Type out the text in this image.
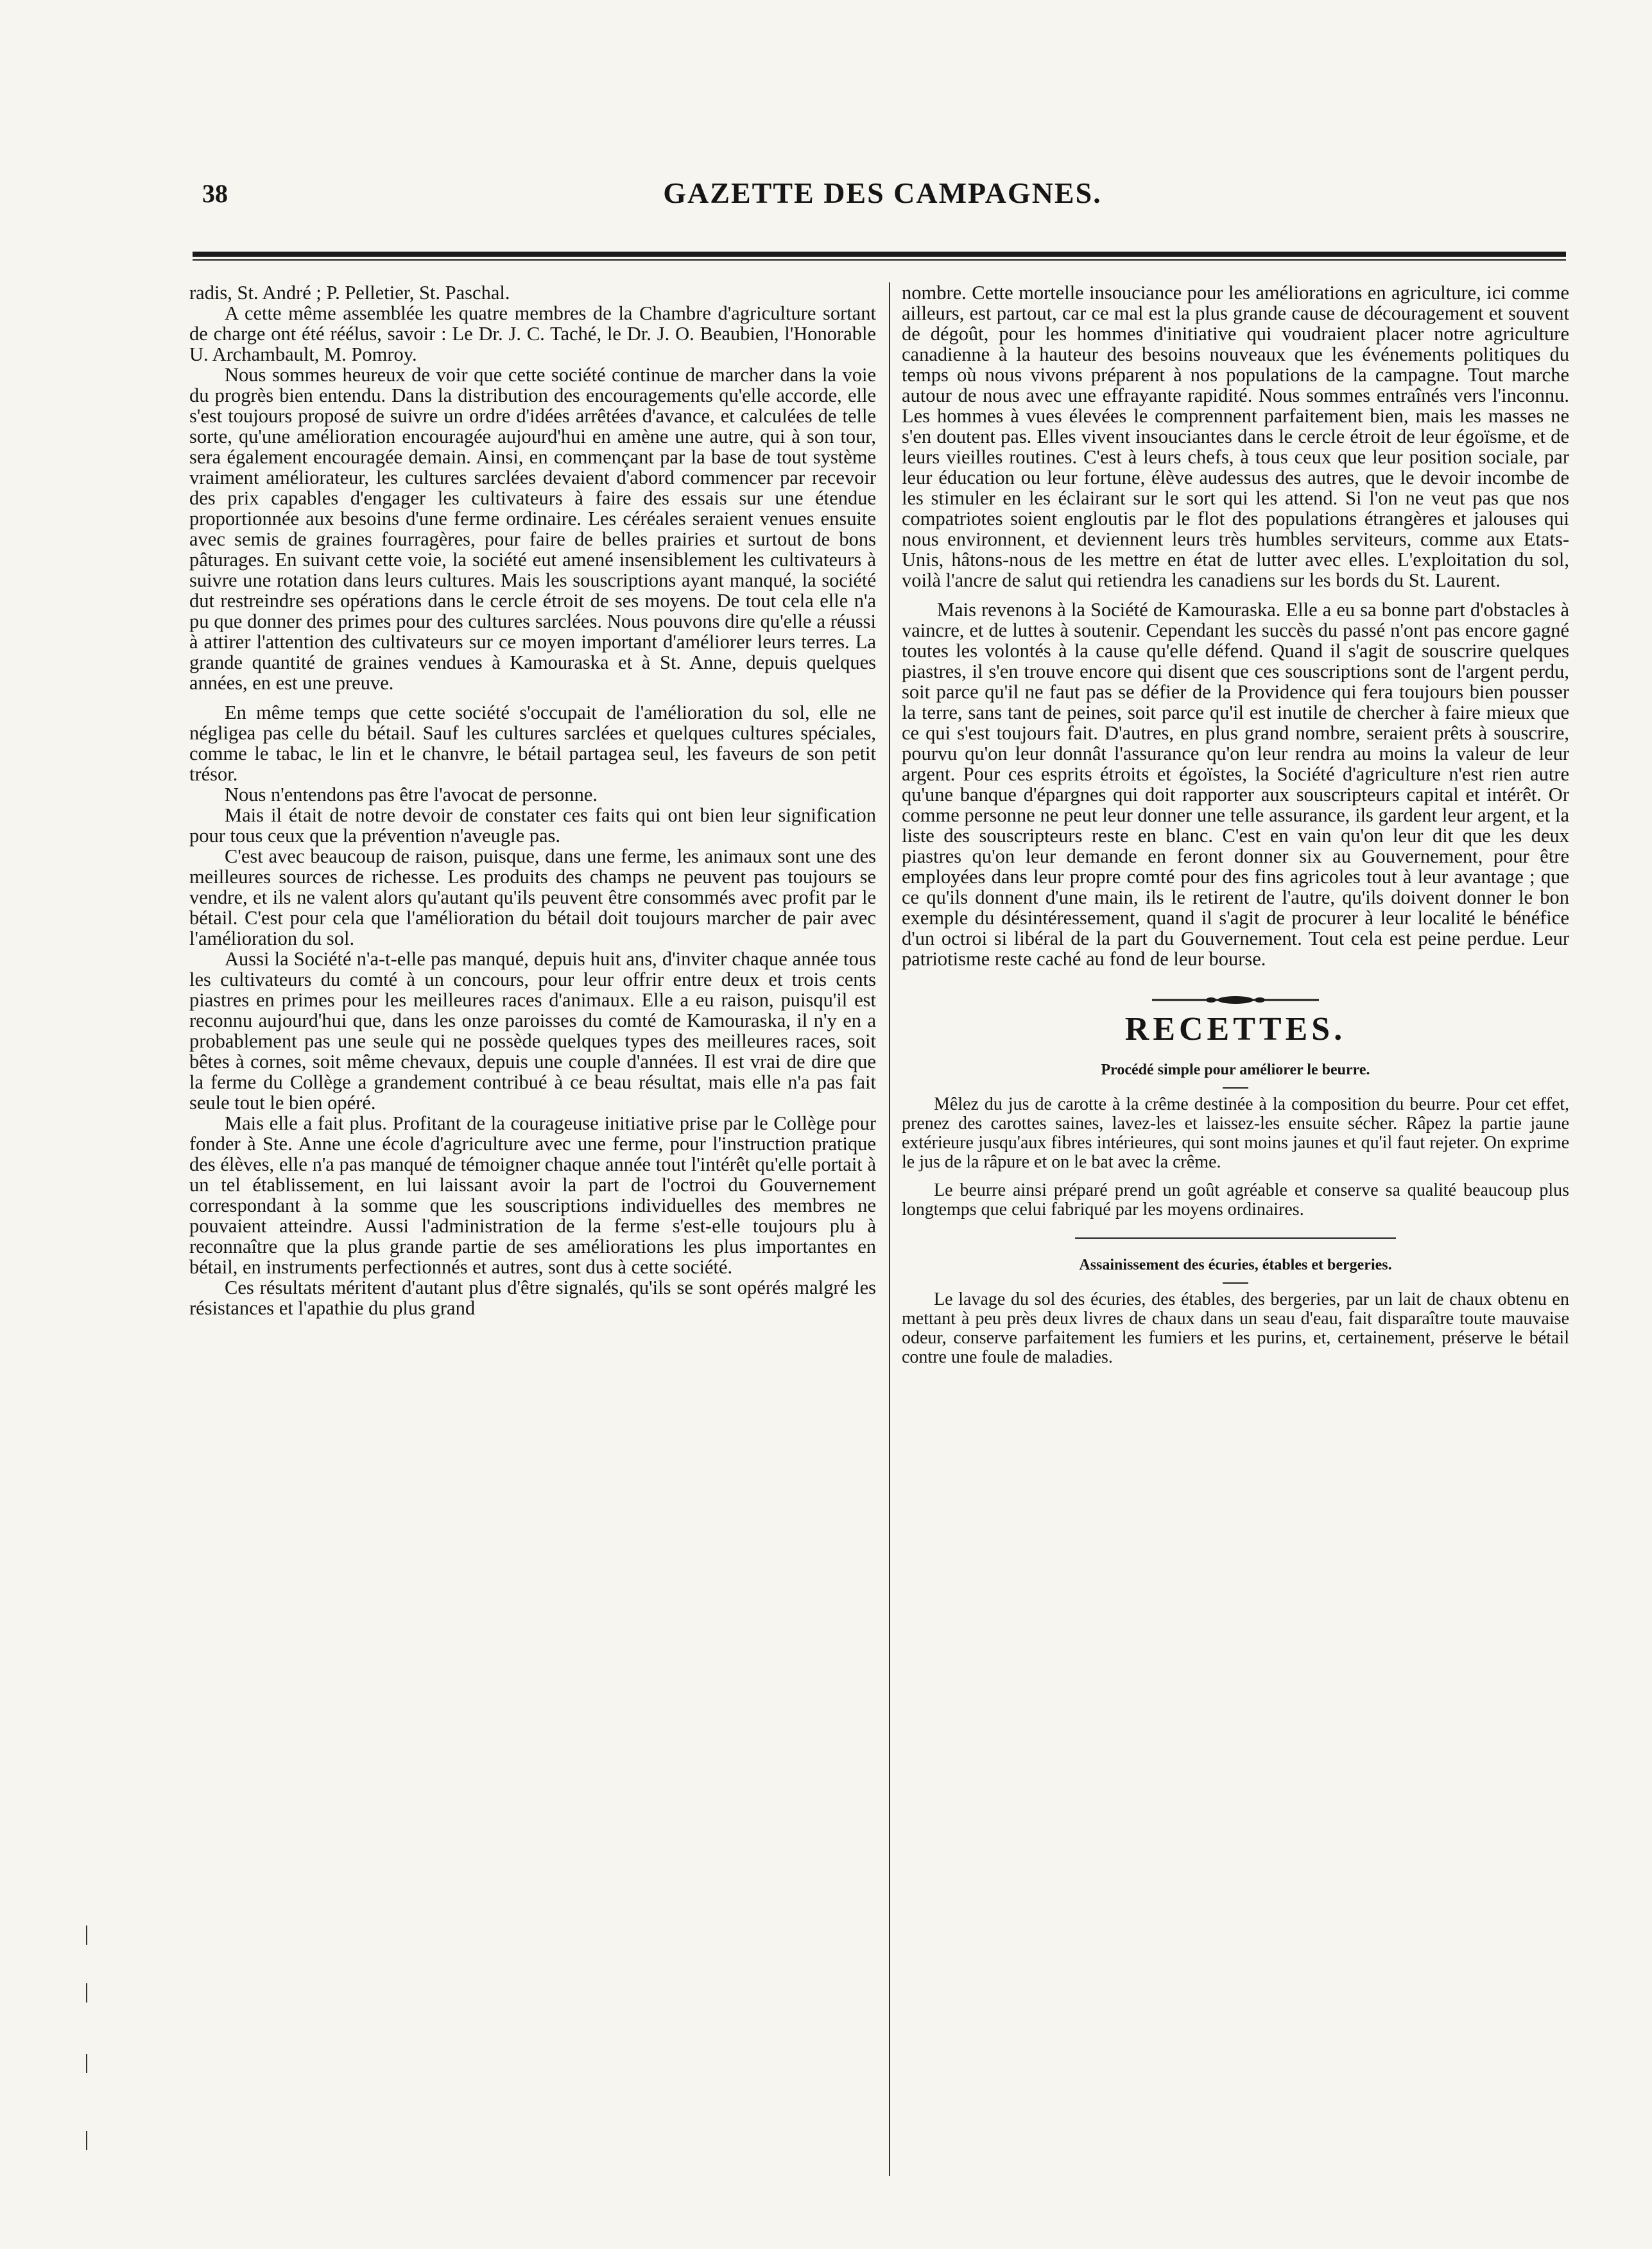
38	GAZETTE DES CAMPAGNES.

radis, St. André ; P. Pelletier, St. Paschal.

A cette même assemblée les quatre membres de la Chambre d'agriculture sortant de charge ont été réélus, savoir : Le Dr. J. C. Taché, le Dr. J. O. Beaubien, l'Honorable U. Archambault, M. Pomroy.

Nous sommes heureux de voir que cette société continue de marcher dans la voie du progrès bien entendu. Dans la distribution des encouragements qu'elle accorde, elle s'est toujours proposé de suivre un ordre d'idées arrêtées d'avance, et calculées de telle sorte, qu'une amélioration encouragée aujourd'hui en amène une autre, qui à son tour, sera également encouragée demain. Ainsi, en commençant par la base de tout système vraiment améliorateur, les cultures sarclées devaient d'abord commencer par recevoir des prix capables d'engager les cultivateurs à faire des essais sur une étendue proportionnée aux besoins d'une ferme ordinaire. Les céréales seraient venues ensuite avec semis de graines fourragères, pour faire de belles prairies et surtout de bons pâturages. En suivant cette voie, la société eut amené insensiblement les cultivateurs à suivre une rotation dans leurs cultures. Mais les souscriptions ayant manqué, la société dut restreindre ses opérations dans le cercle étroit de ses moyens. De tout cela elle n'a pu que donner des primes pour des cultures sarclées. Nous pouvons dire qu'elle a réussi à attirer l'attention des cultivateurs sur ce moyen important d'améliorer leurs terres. La grande quantité de graines vendues à Kamouraska et à St. Anne, depuis quelques années, en est une preuve.

En même temps que cette société s'occupait de l'amélioration du sol, elle ne négligea pas celle du bétail. Sauf les cultures sarclées et quelques cultures spéciales, comme le tabac, le lin et le chanvre, le bétail partagea seul, les faveurs de son petit trésor.

Nous n'entendons pas être l'avocat de personne.

Mais il était de notre devoir de constater ces faits qui ont bien leur signification pour tous ceux que la prévention n'aveugle pas.

C'est avec beaucoup de raison, puisque, dans une ferme, les animaux sont une des meilleures sources de richesse. Les produits des champs ne peuvent pas toujours se vendre, et ils ne valent alors qu'autant qu'ils peuvent être consommés avec profit par le bétail. C'est pour cela que l'amélioration du bétail doit toujours marcher de pair avec l'amélioration du sol.

Aussi la Société n'a-t-elle pas manqué, depuis huit ans, d'inviter chaque année tous les cultivateurs du comté à un concours, pour leur offrir entre deux et trois cents piastres en primes pour les meilleures races d'animaux. Elle a eu raison, puisqu'il est reconnu aujourd'hui que, dans les onze paroisses du comté de Kamouraska, il n'y en a probablement pas une seule qui ne possède quelques types des meilleures races, soit bêtes à cornes, soit même chevaux, depuis une couple d'années. Il est vrai de dire que la ferme du Collège a grandement contribué à ce beau résultat, mais elle n'a pas fait seule tout le bien opéré.

Mais elle a fait plus. Profitant de la courageuse initiative prise par le Collège pour fonder à Ste. Anne une école d'agriculture avec une ferme, pour l'instruction pratique des élèves, elle n'a pas manqué de témoigner chaque année tout l'intérêt qu'elle portait à un tel établissement, en lui laissant avoir la part de l'octroi du Gouvernement correspondant à la somme que les souscriptions individuelles des membres ne pouvaient atteindre. Aussi l'administration de la ferme s'est-elle toujours plu à reconnaître que la plus grande partie de ses améliorations les plus importantes en bétail, en instruments perfectionnés et autres, sont dus à cette société.

Ces résultats méritent d'autant plus d'être signalés, qu'ils se sont opérés malgré les résistances et l'apathie du plus grand

nombre. Cette mortelle insouciance pour les améliorations en agriculture, ici comme ailleurs, est partout, car ce mal est la plus grande cause de découragement et souvent de dégoût, pour les hommes d'initiative qui voudraient placer notre agriculture canadienne à la hauteur des besoins nouveaux que les événements politiques du temps où nous vivons préparent à nos populations de la campagne. Tout marche autour de nous avec une effrayante rapidité. Nous sommes entraînés vers l'inconnu. Les hommes à vues élevées le comprennent parfaitement bien, mais les masses ne s'en doutent pas. Elles vivent insouciantes dans le cercle étroit de leur égoïsme, et de leurs vieilles routines. C'est à leurs chefs, à tous ceux que leur position sociale, par leur éducation ou leur fortune, élève audessus des autres, que le devoir incombe de les stimuler en les éclairant sur le sort qui les attend. Si l'on ne veut pas que nos compatriotes soient engloutis par le flot des populations étrangères et jalouses qui nous environnent, et deviennent leurs très humbles serviteurs, comme aux Etats-Unis, hâtons-nous de les mettre en état de lutter avec elles. L'exploitation du sol, voilà l'ancre de salut qui retiendra les canadiens sur les bords du St. Laurent.

Mais revenons à la Société de Kamouraska. Elle a eu sa bonne part d'obstacles à vaincre, et de luttes à soutenir. Cependant les succès du passé n'ont pas encore gagné toutes les volontés à la cause qu'elle défend. Quand il s'agit de souscrire quelques piastres, il s'en trouve encore qui disent que ces souscriptions sont de l'argent perdu, soit parce qu'il ne faut pas se défier de la Providence qui fera toujours bien pousser la terre, sans tant de peines, soit parce qu'il est inutile de chercher à faire mieux que ce qui s'est toujours fait. D'autres, en plus grand nombre, seraient prêts à souscrire, pourvu qu'on leur donnât l'assurance qu'on leur rendra au moins la valeur de leur argent. Pour ces esprits étroits et égoïstes, la Société d'agriculture n'est rien autre qu'une banque d'épargnes qui doit rapporter aux souscripteurs capital et intérêt. Or comme personne ne peut leur donner une telle assurance, ils gardent leur argent, et la liste des souscripteurs reste en blanc. C'est en vain qu'on leur dit que les deux piastres qu'on leur demande en feront donner six au Gouvernement, pour être employées dans leur propre comté pour des fins agricoles tout à leur avantage ; que ce qu'ils donnent d'une main, ils le retirent de l'autre, qu'ils doivent donner le bon exemple du désintéressement, quand il s'agit de procurer à leur localité le bénéfice d'un octroi si libéral de la part du Gouvernement. Tout cela est peine perdue. Leur patriotisme reste caché au fond de leur bourse.

RECETTES.
Procédé simple pour améliorer le beurre.

Mêlez du jus de carotte à la crême destinée à la composition du beurre. Pour cet effet, prenez des carottes saines, lavez-les et laissez-les ensuite sécher. Râpez la partie jaune extérieure jusqu'aux fibres intérieures, qui sont moins jaunes et qu'il faut rejeter. On exprime le jus de la râpure et on le bat avec la crême.

Le beurre ainsi préparé prend un goût agréable et conserve sa qualité beaucoup plus longtemps que celui fabriqué par les moyens ordinaires.

Assainissement des écuries, étables et bergeries.

Le lavage du sol des écuries, des étables, des bergeries, par un lait de chaux obtenu en mettant à peu près deux livres de chaux dans un seau d'eau, fait disparaître toute mauvaise odeur, conserve parfaitement les fumiers et les purins, et, certainement, préserve le bétail contre une foule de maladies.
